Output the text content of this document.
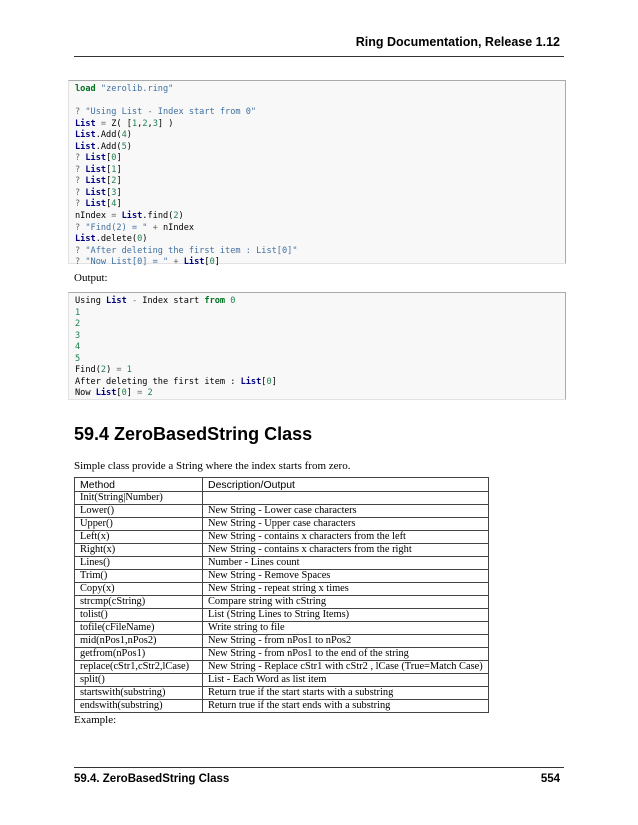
Ring Documentation, Release 1.12
load "zerolib.ring"
? "Using List - Index start from 0"
List = Z( [1,2,3] )
List.Add(4)
List.Add(5)
? List[0]
? List[1]
? List[2]
? List[3]
? List[4]
nIndex = List.find(2)
? "Find(2) = " + nIndex
List.delete(0)
? "After deleting the first item : List[0]"
? "Now List[0] = " + List[0]
Output:
Using List - Index start from 0
1
2
3
4
5
Find(2) = 1
After deleting the first item : List[0]
Now List[0] = 2
59.4 ZeroBasedString Class
Simple class provide a String where the index starts from zero.
Method	Description/Output
Init(String|Number)	
Lower()	New String - Lower case characters
Upper()	New String - Upper case characters
Left(x)	New String - contains x characters from the left
Right(x)	New String - contains x characters from the right
Lines()	Number - Lines count
Trim()	New String - Remove Spaces
Copy(x)	New String - repeat string x times
strcmp(cString)	Compare string with cString
tolist()	List (String Lines to String Items)
tofile(cFileName)	Write string to file
mid(nPos1,nPos2)	New String - from nPos1 to nPos2
getfrom(nPos1)	New String - from nPos1 to the end of the string
replace(cStr1,cStr2,lCase)	New String - Replace cStr1 with cStr2 , lCase (True=Match Case)
split()	List - Each Word as list item
startswith(substring)	Return true if the start starts with a substring
endswith(substring)	Return true if the start ends with a substring
Example:
59.4. ZeroBasedString Class	554
